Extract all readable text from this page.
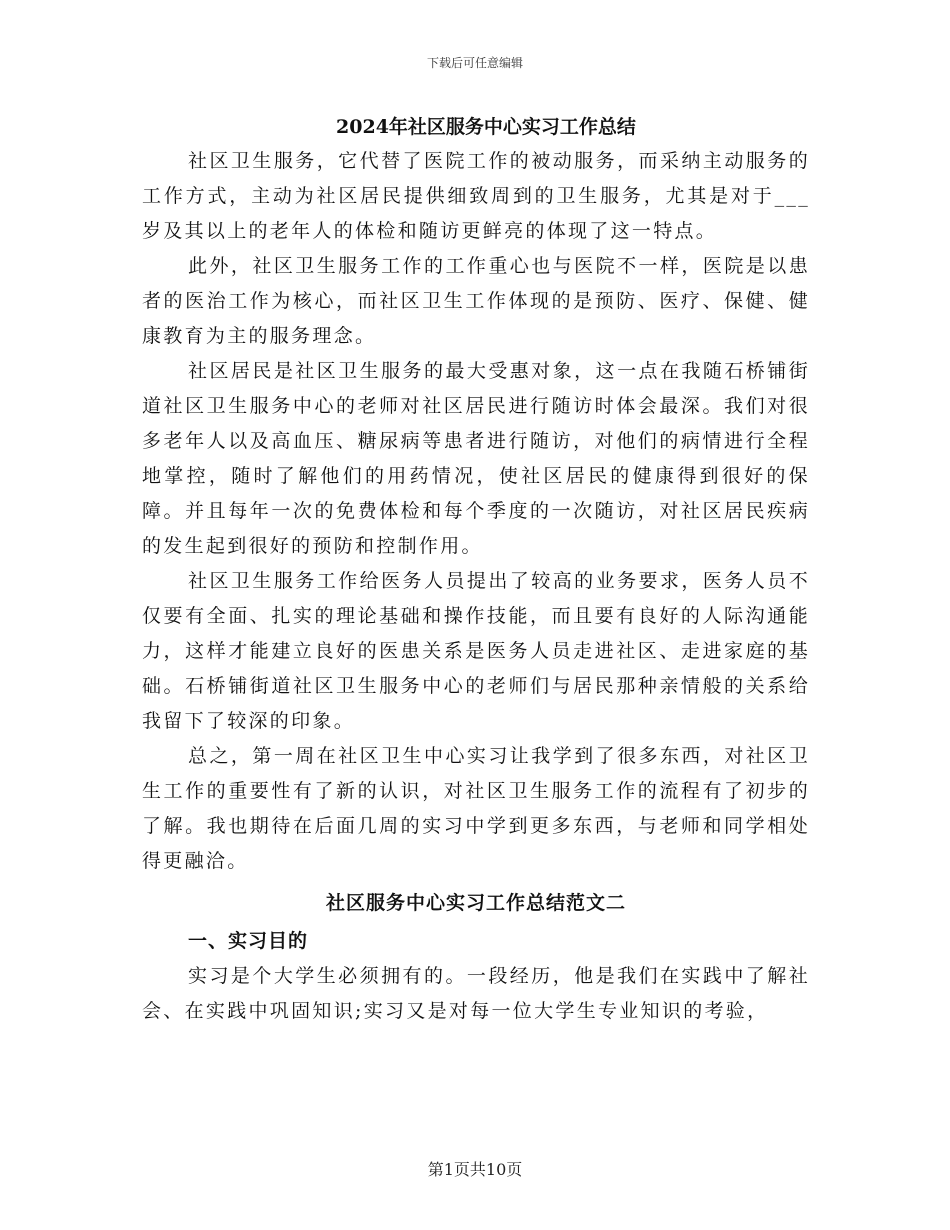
下载后可任意编辑
2024年社区服务中心实习工作总结

社区卫生服务，它代替了医院工作的被动服务，而采纳主动服务的工作方式，主动为社区居民提供细致周到的卫生服务，尤其是对于___岁及其以上的老年人的体检和随访更鲜亮的体现了这一特点。

此外，社区卫生服务工作的工作重心也与医院不一样，医院是以患者的医治工作为核心，而社区卫生工作体现的是预防、医疗、保健、健康教育为主的服务理念。

社区居民是社区卫生服务的最大受惠对象，这一点在我随石桥铺街道社区卫生服务中心的老师对社区居民进行随访时体会最深。我们对很多老年人以及高血压、糖尿病等患者进行随访，对他们的病情进行全程地掌控，随时了解他们的用药情况，使社区居民的健康得到很好的保障。并且每年一次的免费体检和每个季度的一次随访，对社区居民疾病的发生起到很好的预防和控制作用。

社区卫生服务工作给医务人员提出了较高的业务要求，医务人员不仅要有全面、扎实的理论基础和操作技能，而且要有良好的人际沟通能力，这样才能建立良好的医患关系是医务人员走进社区、走进家庭的基础。石桥铺街道社区卫生服务中心的老师们与居民那种亲情般的关系给我留下了较深的印象。

总之，第一周在社区卫生中心实习让我学到了很多东西，对社区卫生工作的重要性有了新的认识，对社区卫生服务工作的流程有了初步的了解。我也期待在后面几周的实习中学到更多东西，与老师和同学相处得更融洽。

社区服务中心实习工作总结范文二
一、实习目的

实习是个大学生必须拥有的。一段经历，他是我们在实践中了解社会、在实践中巩固知识;实习又是对每一位大学生专业知识的考验，

第1页共10页
